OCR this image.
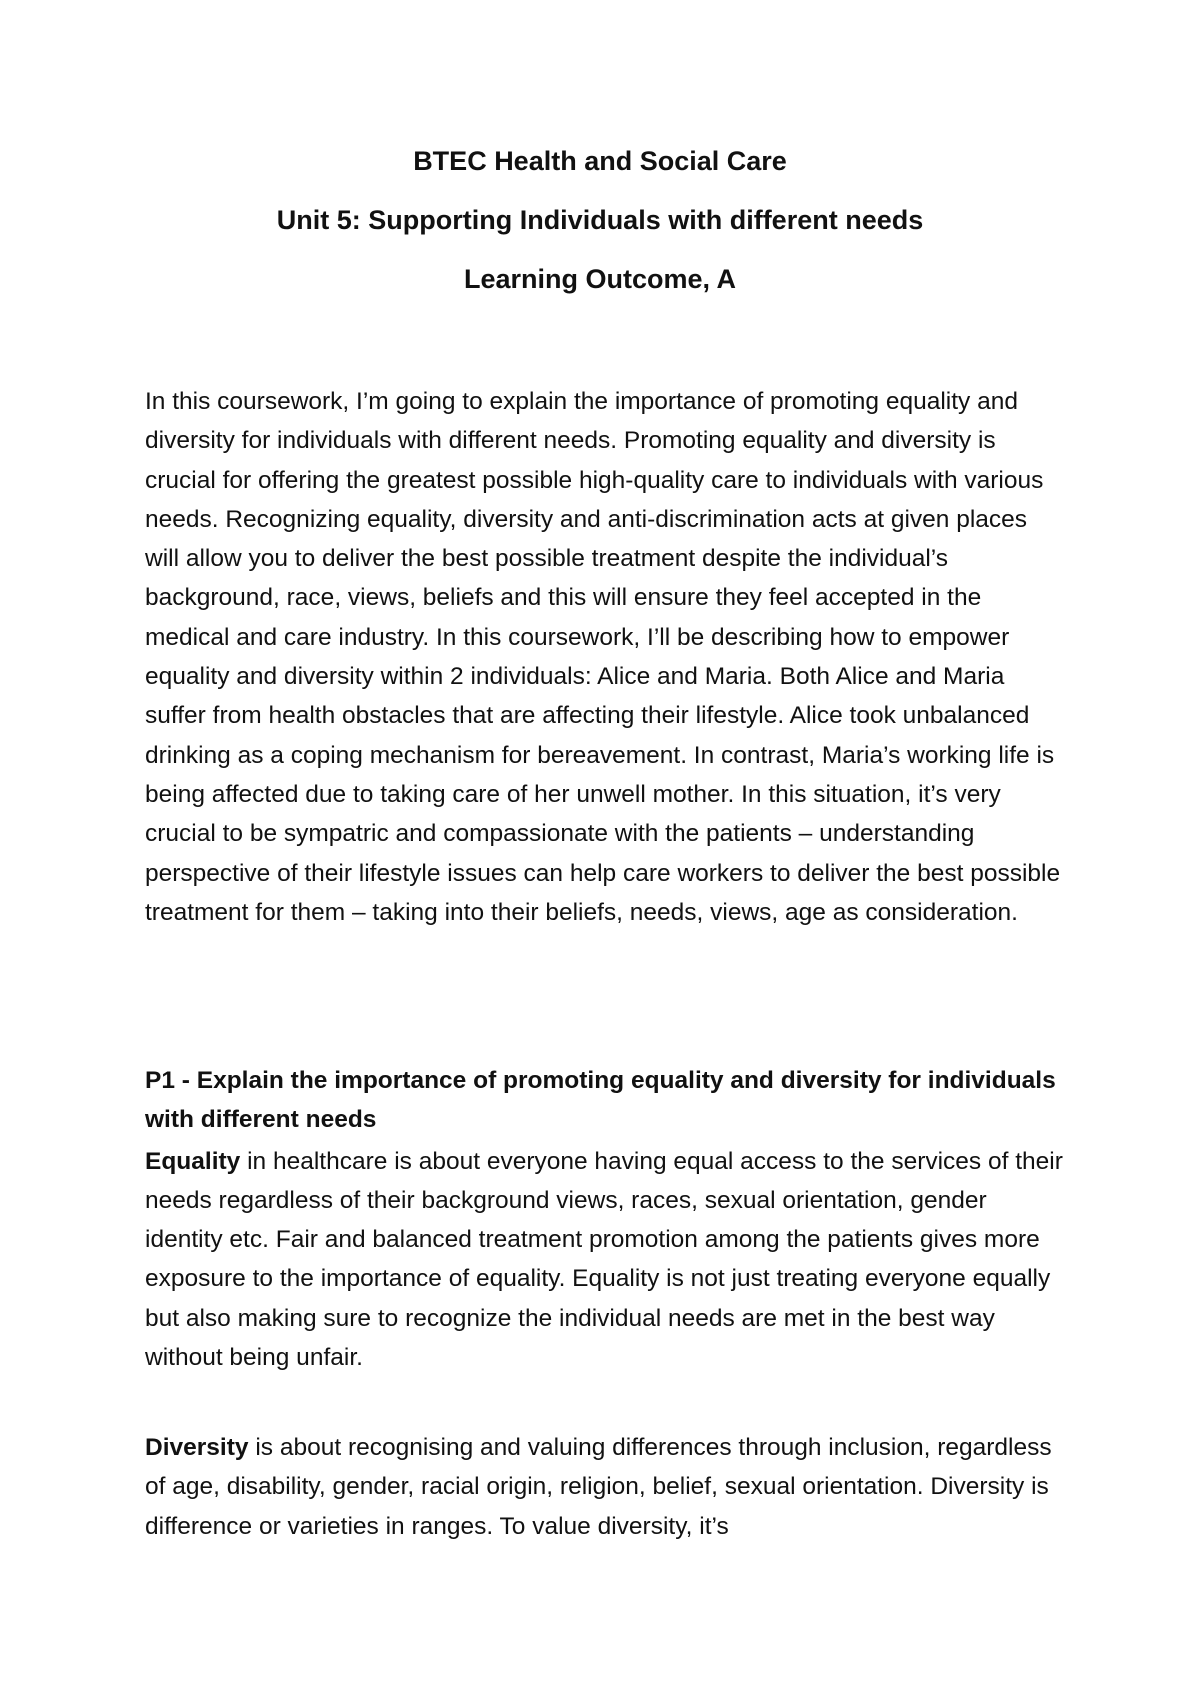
BTEC Health and Social Care
Unit 5: Supporting Individuals with different needs
Learning Outcome, A

In this coursework, I’m going to explain the importance of promoting equality and diversity for individuals with different needs. Promoting equality and diversity is crucial for offering the greatest possible high-quality care to individuals with various needs. Recognizing equality, diversity and anti-discrimination acts at given places will allow you to deliver the best possible treatment despite the individual’s background, race, views, beliefs and this will ensure they feel accepted in the medical and care industry. In this coursework, I’ll be describing how to empower equality and diversity within 2 individuals: Alice and Maria. Both Alice and Maria suffer from health obstacles that are affecting their lifestyle. Alice took unbalanced drinking as a coping mechanism for bereavement. In contrast, Maria’s working life is being affected due to taking care of her unwell mother. In this situation, it’s very crucial to be sympatric and compassionate with the patients – understanding perspective of their lifestyle issues can help care workers to deliver the best possible treatment for them – taking into their beliefs, needs, views, age as consideration.

P1 - Explain the importance of promoting equality and diversity for individuals with different needs

Equality in healthcare is about everyone having equal access to the services of their needs regardless of their background views, races, sexual orientation, gender identity etc. Fair and balanced treatment promotion among the patients gives more exposure to the importance of equality. Equality is not just treating everyone equally but also making sure to recognize the individual needs are met in the best way without being unfair.

Diversity is about recognising and valuing differences through inclusion, regardless of age, disability, gender, racial origin, religion, belief, sexual orientation. Diversity is difference or varieties in ranges. To value diversity, it’s
